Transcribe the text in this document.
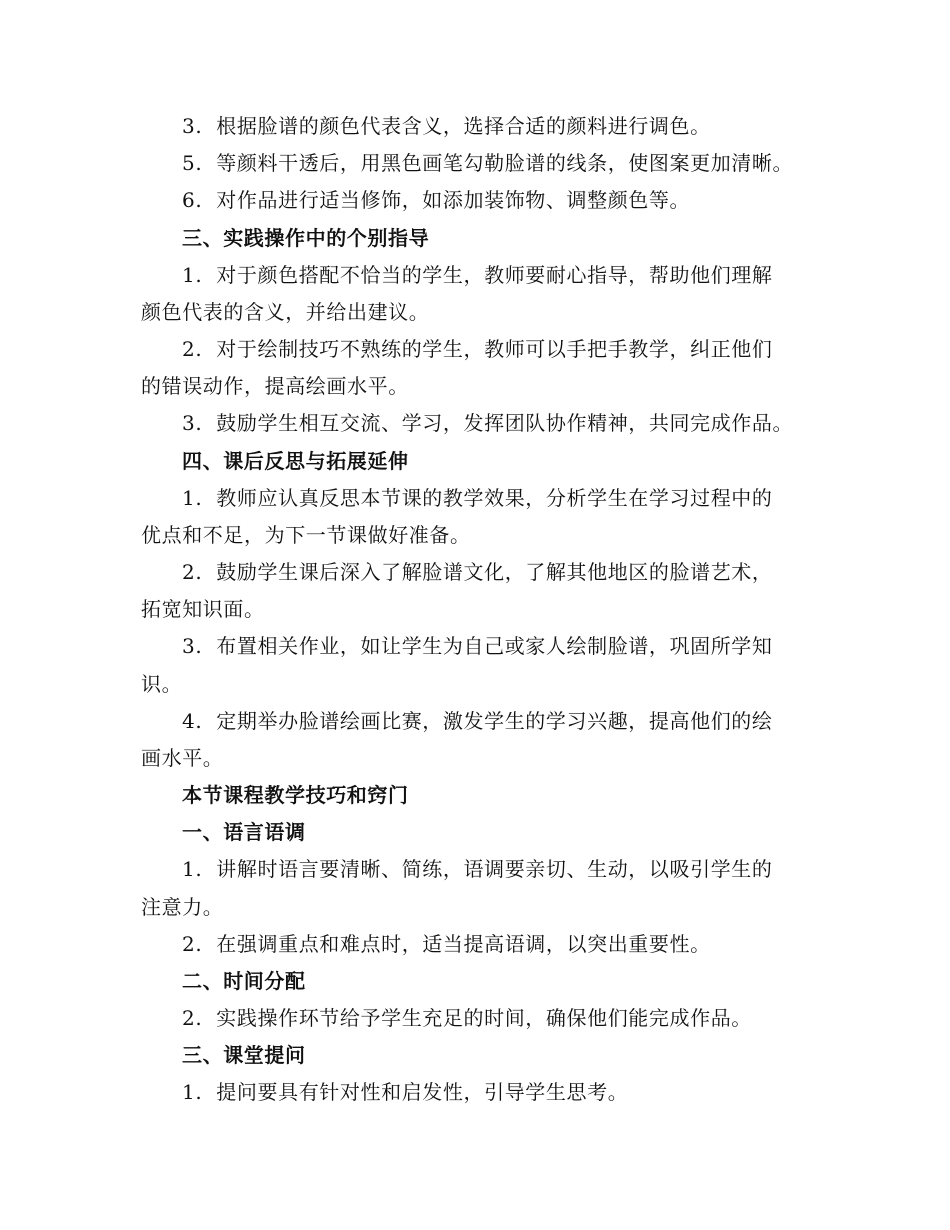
3. 根据脸谱的颜色代表含义，选择合适的颜料进行调色。
5. 等颜料干透后，用黑色画笔勾勒脸谱的线条，使图案更加清晰。
6. 对作品进行适当修饰，如添加装饰物、调整颜色等。
三、实践操作中的个别指导
1. 对于颜色搭配不恰当的学生，教师要耐心指导，帮助他们理解
颜色代表的含义，并给出建议。
2. 对于绘制技巧不熟练的学生，教师可以手把手教学，纠正他们
的错误动作，提高绘画水平。
3. 鼓励学生相互交流、学习，发挥团队协作精神，共同完成作品。
四、课后反思与拓展延伸
1. 教师应认真反思本节课的教学效果，分析学生在学习过程中的
优点和不足，为下一节课做好准备。
2. 鼓励学生课后深入了解脸谱文化，了解其他地区的脸谱艺术，
拓宽知识面。
3. 布置相关作业，如让学生为自己或家人绘制脸谱，巩固所学知
识。
4. 定期举办脸谱绘画比赛，激发学生的学习兴趣，提高他们的绘
画水平。
本节课程教学技巧和窍门
一、语言语调
1. 讲解时语言要清晰、简练，语调要亲切、生动，以吸引学生的
注意力。
2. 在强调重点和难点时，适当提高语调，以突出重要性。
二、时间分配
2. 实践操作环节给予学生充足的时间，确保他们能完成作品。
三、课堂提问
1. 提问要具有针对性和启发性，引导学生思考。
